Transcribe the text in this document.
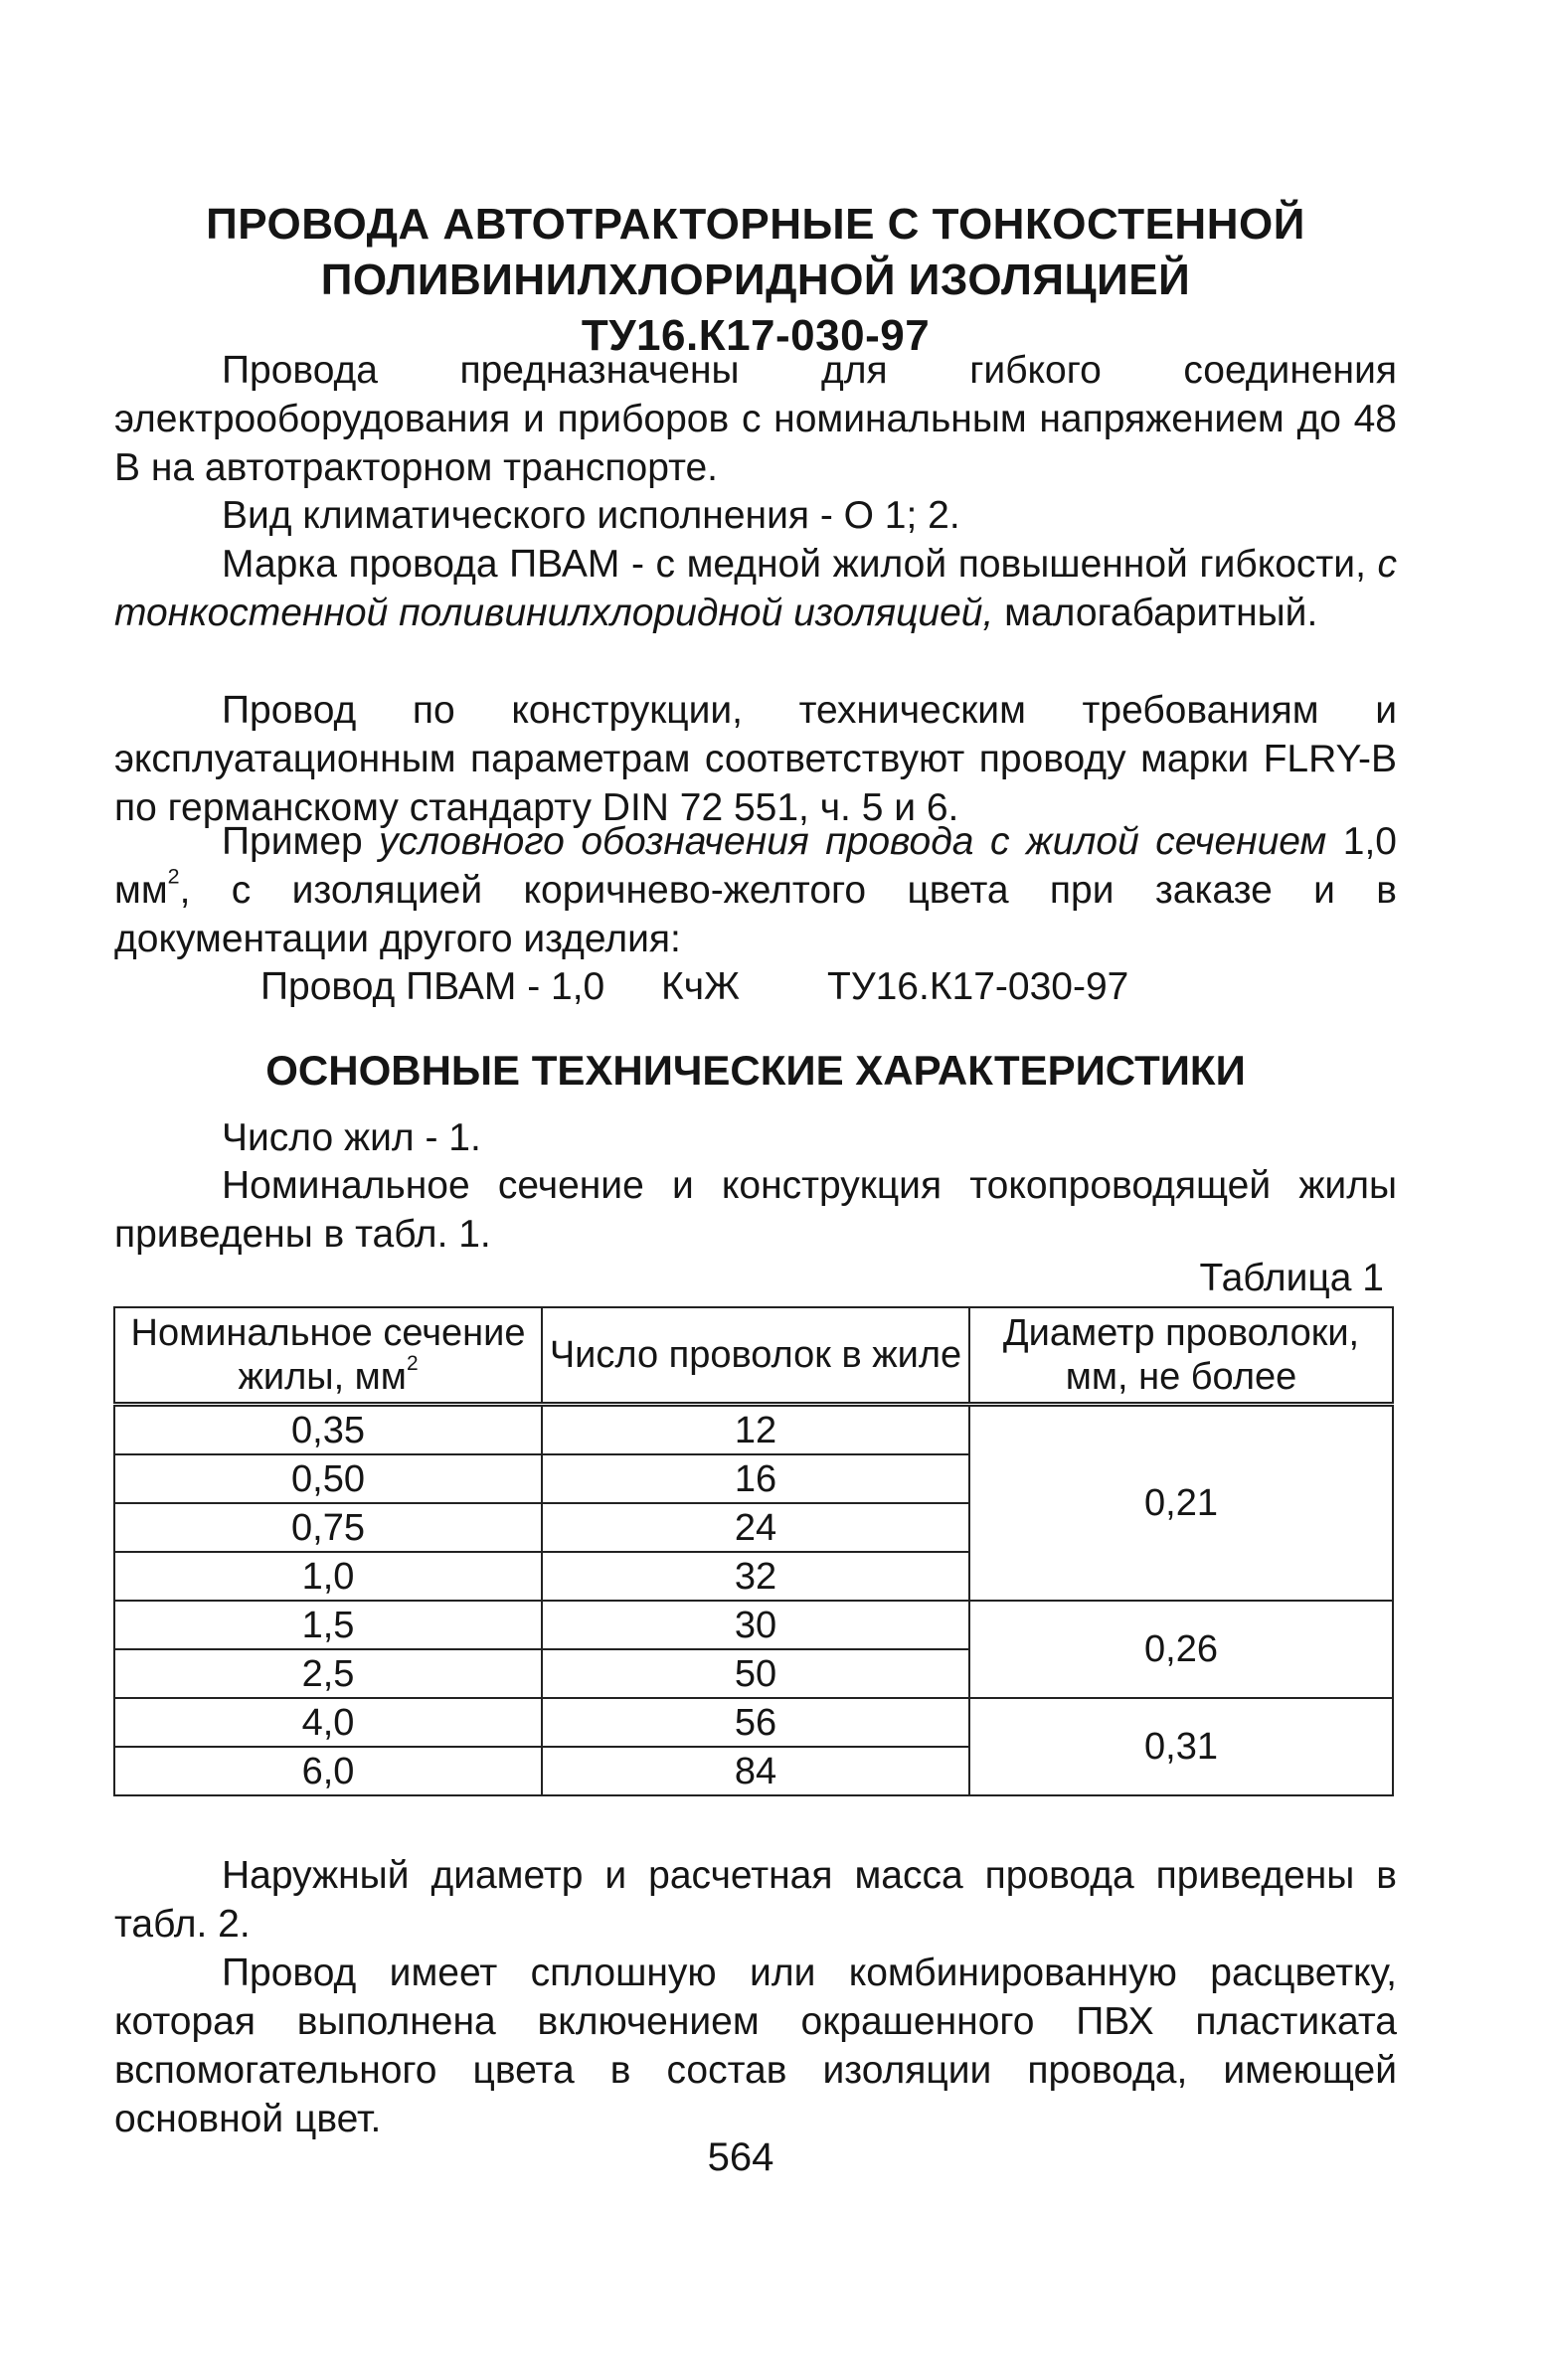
ПРОВОДА АВТОТРАКТОРНЫЕ С ТОНКОСТЕННОЙ
ПОЛИВИНИЛХЛОРИДНОЙ ИЗОЛЯЦИЕЙ
ТУ16.К17-030-97

Провода предназначены для гибкого соединения электрооборудования и приборов с номинальным напряжением до 48 В на автотракторном транспорте.

Вид климатического исполнения - О 1; 2.

Марка провода ПВАМ - с медной жилой повышенной гибкости, с тонкостенной поливинилхлоридной изоляцией, малогабаритный.

Провод по конструкции, техническим требованиям и эксплуатационным параметрам соответствуют проводу марки FLRY-B по германскому стандарту DIN 72 551, ч. 5 и 6.

Пример условного обозначения провода с жилой сечением 1,0 $мм^2$, с изоляцией коричнево-желтого цвета при заказе и в документации другого изделия:

Провод ПВАМ - 1,0

КчЖ

ТУ16.К17-030-97

ОСНОВНЫЕ ТЕХНИЧЕСКИЕ ХАРАКТЕРИСТИКИ

Число жил - 1.

Номинальное сечение и конструкция токопроводящей жилы приведены в табл. 1.

Таблица 1
Номинальное сечение жилы, $мм^2$	Число проволок в жиле	Диаметр проволоки, мм, не более
0,35	12	0,21
0,50	16	
0,75	24	
1,0	32	
1,5	30	0,26
2,5	50	
4,0	56	0,31
6,0	84	

Наружный диаметр и расчетная масса провода приведены в табл. 2.

Провод имеет сплошную или комбинированную расцветку, которая выполнена включением окрашенного ПВХ пластиката вспомогательного цвета в состав изоляции провода, имеющей основной цвет.

564
